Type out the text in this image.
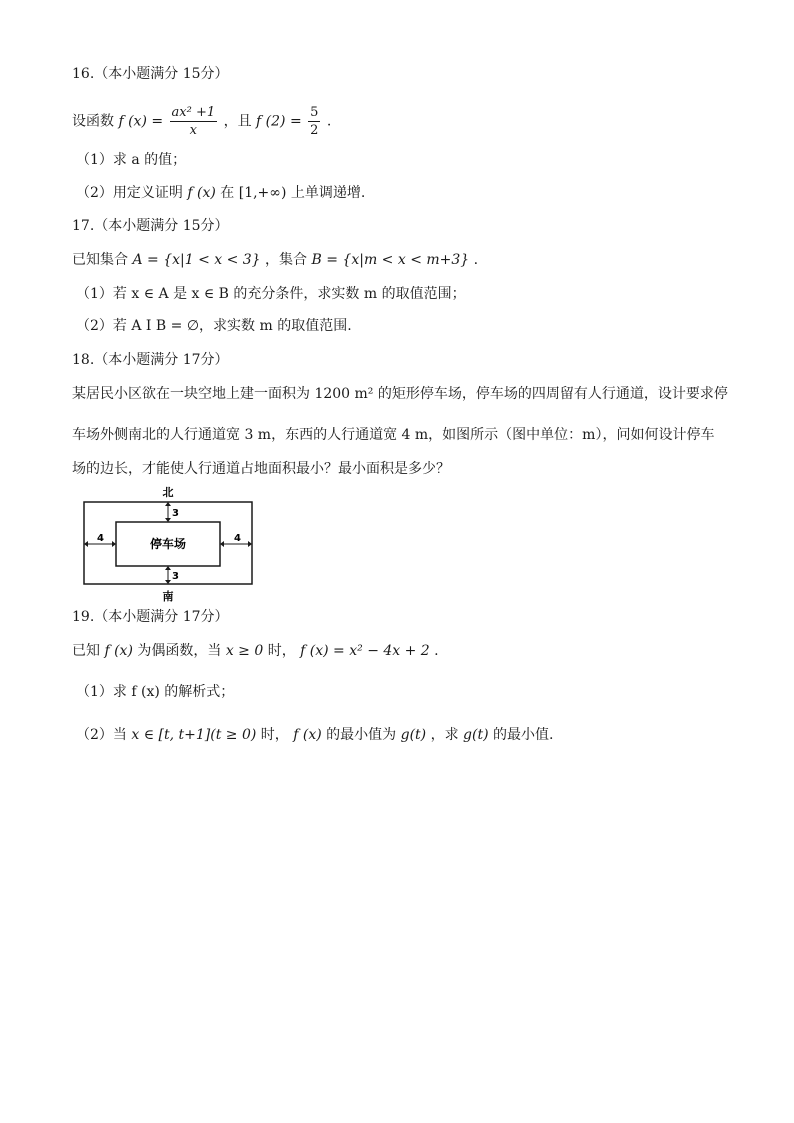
16.（本小题满分 15分）
设函数 f $(x) = \frac{\text{ax² +1}}{x}$ ，且 f $(2) = \frac{5}{2}$ .
（1）求 a 的值；
（2）用定义证明 f (x) 在 [1,+∞) 上单调递增.
17.（本小题满分 15分）
已知集合 A = {x|1 < x < 3} ，集合 B = {x|m < x < m+3} .
（1）若 x ∈ A 是 x ∈ B 的充分条件，求实数 m 的取值范围；
（2）若 A I B = ∅，求实数 m 的取值范围.
18.（本小题满分 17分）
某居民小区欲在一块空地上建一面积为 1200 m² 的矩形停车场，停车场的四周留有人行通道，设计要求停
车场外侧南北的人行通道宽 3 m，东西的人行通道宽 4 m，如图所示（图中单位：m），问如何设计停车
场的边长，才能使人行通道占地面积最小？最小面积是多少？
北
停车场
3
3
4	4
南
19.（本小题满分 17分）
已知 f (x) 为偶函数，当 x ≥ 0 时， f (x) = x² − 4x + 2 .
（1）求 f (x) 的解析式；
（2）当 x ∈ [t, t+1](t ≥ 0) 时， f (x) 的最小值为 g(t) ，求 g(t) 的最小值.
